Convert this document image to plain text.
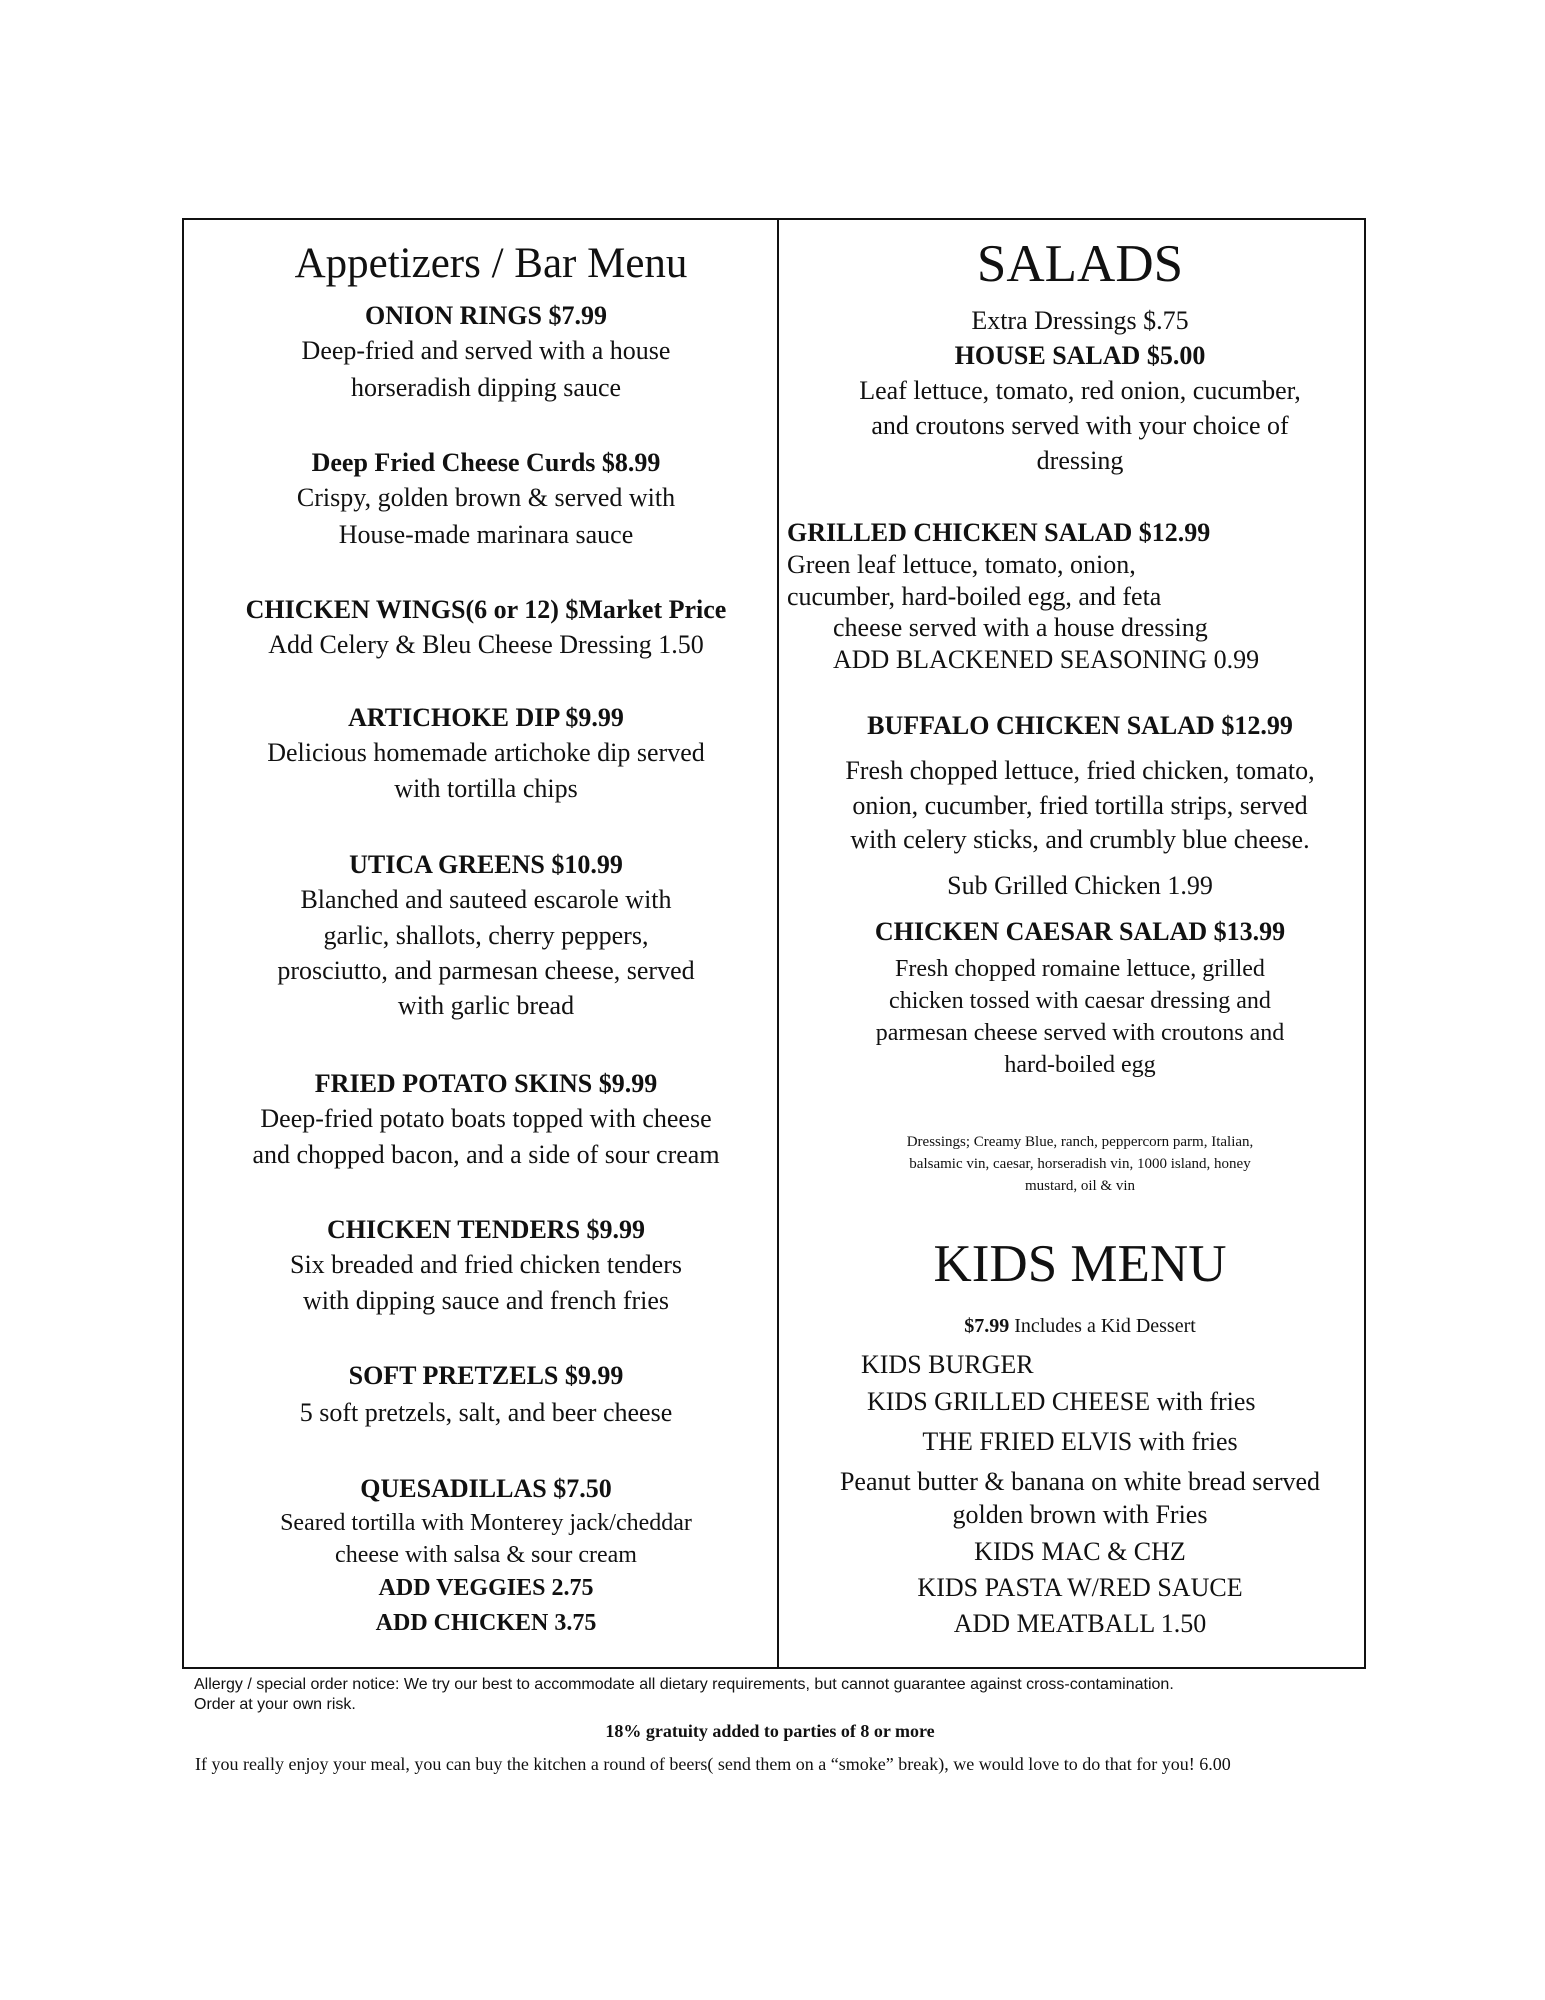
Appetizers / Bar Menu
ONION RINGS $7.99
Deep-fried and served with a house
horseradish dipping sauce
Deep Fried Cheese Curds $8.99
Crispy, golden brown & served with
House-made marinara sauce
CHICKEN WINGS(6 or 12) $Market Price
Add Celery & Bleu Cheese Dressing 1.50
ARTICHOKE DIP $9.99
Delicious homemade artichoke dip served
with tortilla chips
UTICA GREENS $10.99
Blanched and sauteed escarole with
garlic, shallots, cherry peppers,
prosciutto, and parmesan cheese, served
with garlic bread
FRIED POTATO SKINS $9.99
Deep-fried potato boats topped with cheese
and chopped bacon, and a side of sour cream
CHICKEN TENDERS $9.99
Six breaded and fried chicken tenders
with dipping sauce and french fries
SOFT PRETZELS $9.99
5 soft pretzels, salt, and beer cheese
QUESADILLAS $7.50
Seared tortilla with Monterey jack/cheddar
cheese with salsa & sour cream
ADD VEGGIES 2.75
ADD CHICKEN 3.75
SALADS
Extra Dressings $.75
HOUSE SALAD $5.00
Leaf lettuce, tomato, red onion, cucumber,
and croutons served with your choice of
dressing
GRILLED CHICKEN SALAD $12.99
Green leaf lettuce, tomato, onion,
cucumber, hard-boiled egg, and feta
cheese served with a house dressing
ADD BLACKENED SEASONING 0.99
BUFFALO CHICKEN SALAD $12.99
Fresh chopped lettuce, fried chicken, tomato,
onion, cucumber, fried tortilla strips, served
with celery sticks, and crumbly blue cheese.
Sub Grilled Chicken 1.99
CHICKEN CAESAR SALAD $13.99
Fresh chopped romaine lettuce, grilled
chicken tossed with caesar dressing and
parmesan cheese served with croutons and
hard-boiled egg
Dressings; Creamy Blue, ranch, peppercorn parm, Italian,
balsamic vin, caesar, horseradish vin, 1000 island, honey
mustard, oil & vin
KIDS MENU
$7.99 Includes a Kid Dessert
KIDS BURGER
KIDS GRILLED CHEESE with fries
THE FRIED ELVIS with fries
Peanut butter & banana on white bread served
golden brown with Fries
KIDS MAC & CHZ
KIDS PASTA W/RED SAUCE
ADD MEATBALL 1.50
Allergy / special order notice: We try our best to accommodate all dietary requirements, but cannot guarantee against cross-contamination.
Order at your own risk.
18% gratuity added to parties of 8 or more
If you really enjoy your meal, you can buy the kitchen a round of beers( send them on a “smoke” break), we would love to do that for you! 6.00
